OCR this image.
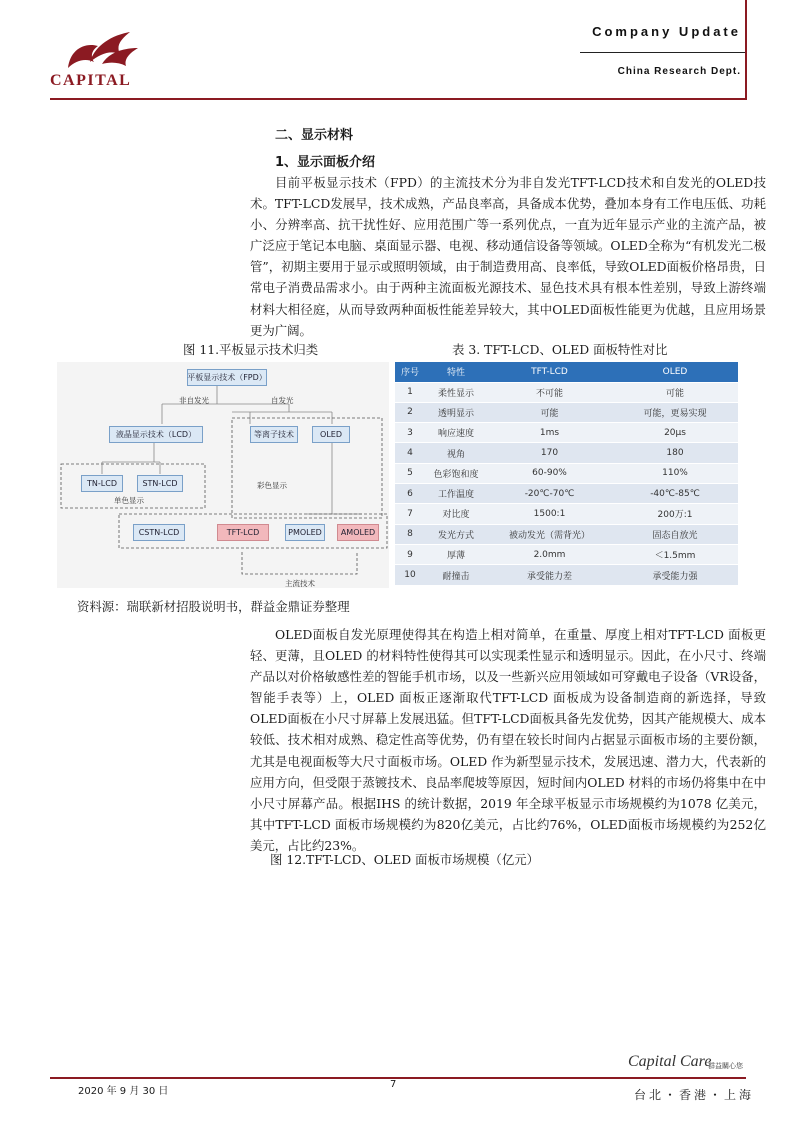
CAPITAL
Company Update
China Research Dept.
二、显示材料
1、显示面板介绍

目前平板显示技术（FPD）的主流技术分为非自发光TFT-LCD技术和自发光的OLED技术。TFT-LCD发展早，技术成熟，产品良率高，具备成本优势，叠加本身有工作电压低、功耗小、分辨率高、抗干扰性好、应用范围广等一系列优点，一直为近年显示产业的主流产品，被广泛应于笔记本电脑、桌面显示器、电视、移动通信设备等领域。OLED全称为“有机发光二极管”，初期主要用于显示或照明领域，由于制造费用高、良率低，导致OLED面板价格昂贵，日常电子消费品需求小。由于两种主流面板光源技术、显色技术具有根本性差别，导致上游终端材料大相径庭，从而导致两种面板性能差异较大，其中OLED面板性能更为优越，且应用场景更为广阔。

图 11.平板显示技术归类	表 3. TFT-LCD、OLED 面板特性对比
平板显示技术（FPD）
非自发光	自发光
液晶显示技术（LCD）	等离子技术	OLED
TN-LCD	STN-LCD
单色显示
彩色显示
CSTN-LCD	TFT-LCD	PMOLED	AMOLED
主流技术
序号	特性	TFT-LCD	OLED
1	柔性显示	不可能	可能
2	透明显示	可能	可能，更易实现
3	响应速度	1ms	20μs
4	视角	170	180
5	色彩饱和度	60-90%	110%
6	工作温度	-20℃-70℃	-40℃-85℃
7	对比度	1500:1	200万:1
8	发光方式	被动发光（需背光）	固态自放光
9	厚薄	2.0mm	＜1.5mm
10	耐撞击	承受能力差	承受能力强
资料源：瑞联新材招股说明书，群益金鼎证券整理

OLED面板自发光原理使得其在构造上相对简单，在重量、厚度上相对TFT-LCD 面板更轻、更薄，且OLED 的材料特性使得其可以实现柔性显示和透明显示。因此，在小尺寸、终端产品以对价格敏感性差的智能手机市场，以及一些新兴应用领域如可穿戴电子设备（VR设备，智能手表等）上，OLED 面板正逐渐取代TFT-LCD 面板成为设备制造商的新选择，导致OLED面板在小尺寸屏幕上发展迅猛。但TFT-LCD面板具备先发优势，因其产能规模大、成本较低、技术相对成熟、稳定性高等优势，仍有望在较长时间内占据显示面板市场的主要份额，尤其是电视面板等大尺寸面板市场。OLED 作为新型显示技术，发展迅速、潜力大，代表新的应用方向，但受限于蒸镀技术、良品率爬坡等原因，短时间内OLED 材料的市场仍将集中在中小尺寸屏幕产品。根据IHS 的统计数据，2019 年全球平板显示市场规模约为1078 亿美元，其中TFT-LCD 面板市场规模约为820亿美元，占比约76%，OLED面板市场规模约为252亿美元，占比约23%。

图 12.TFT-LCD、OLED 面板市场规模（亿元）
Capital Care
群益關心您
2020 年 9 月 30 日
7
台北・香港・上海
